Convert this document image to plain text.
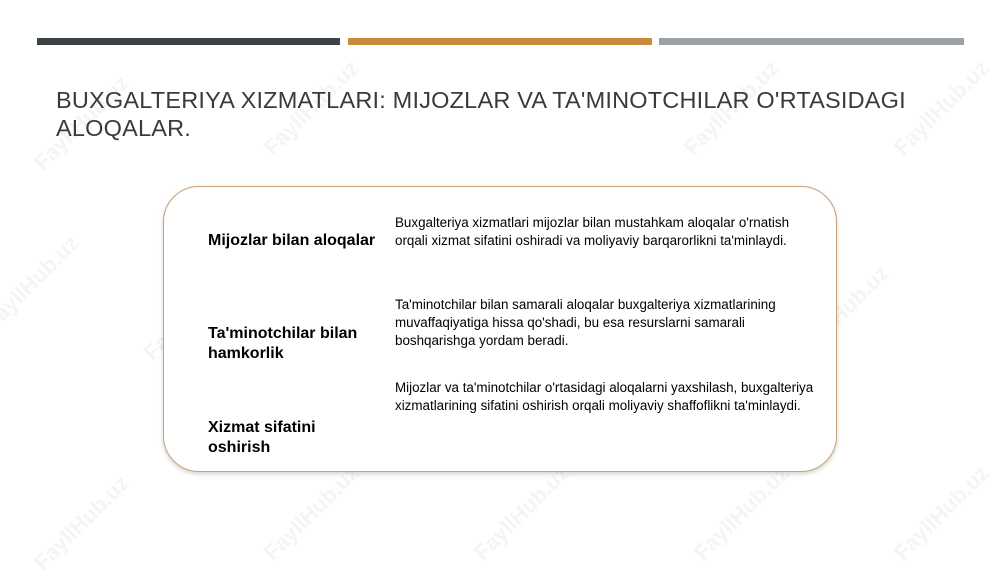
BUXGALTERIYA XIZMATLARI: MIJOZLAR VA TA'MINOTCHILAR O'RTASIDAGI ALOQALAR.
Mijozlar bilan aloqalar
Buxgalteriya xizmatlari mijozlar bilan mustahkam aloqalar o'rnatish orqali xizmat sifatini oshiradi va moliyaviy barqarorlikni ta'minlaydi.
Ta'minotchilar bilan hamkorlik
Ta'minotchilar bilan samarali aloqalar buxgalteriya xizmatlarining muvaffaqiyatiga hissa qo'shadi, bu esa resurslarni samarali boshqarishga yordam beradi.
Xizmat sifatini oshirish
Mijozlar va ta'minotchilar o'rtasidagi aloqalarni yaxshilash, buxgalteriya xizmatlarining sifatini oshirish orqali moliyaviy shaffoflikni ta'minlaydi.
